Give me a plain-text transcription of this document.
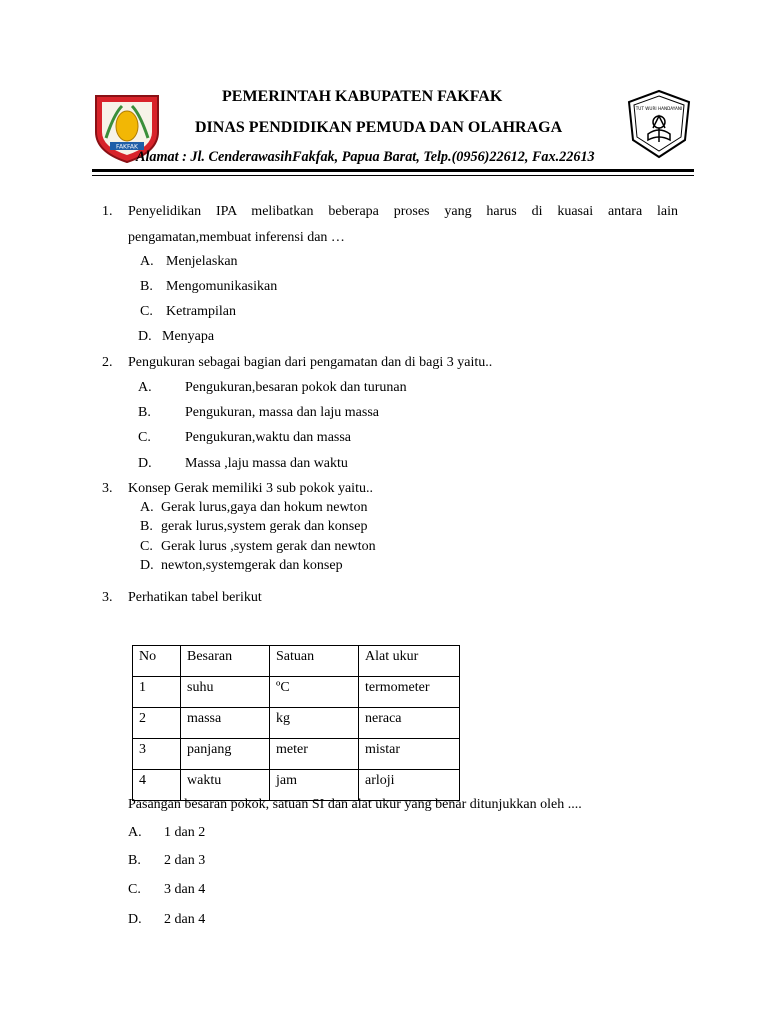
FAKFAK
PEMERINTAH KABUPATEN FAKFAK
DINAS PENDIDIKAN PEMUDA DAN OLAHRAGA
Alamat : Jl. CenderawasihFakfak, Papua Barat, Telp.(0956)22612, Fax.22613
TUT WURI HANDAYANI
1. Penyelidikan IPA melibatkan beberapa proses yang harus di kuasai antara lain
pengamatan,membuat inferensi dan …
A. Menjelaskan
B. Mengomunikasikan
C. Ketrampilan
D. Menyapa
2. Pengukuran sebagai bagian dari pengamatan dan di bagi 3 yaitu..
A. Pengukuran,besaran pokok dan turunan
B. Pengukuran, massa dan laju massa
C. Pengukuran,waktu dan massa
D. Massa ,laju massa dan waktu
3. Konsep Gerak memiliki 3 sub pokok yaitu..
A. Gerak lurus,gaya dan hokum newton
B. gerak lurus,system gerak dan konsep
C. Gerak lurus ,system gerak dan newton
D. newton,systemgerak dan konsep
3. Perhatikan tabel berikut
No	Besaran	Satuan	Alat ukur
1	suhu	ºC	termometer
2	massa	kg	neraca
3	panjang	meter	mistar
4	waktu	jam	arloji
Pasangan besaran pokok, satuan SI dan alat ukur yang benar ditunjukkan oleh ....
A. 1 dan 2
B. 2 dan 3
C. 3 dan 4
D. 2 dan 4
